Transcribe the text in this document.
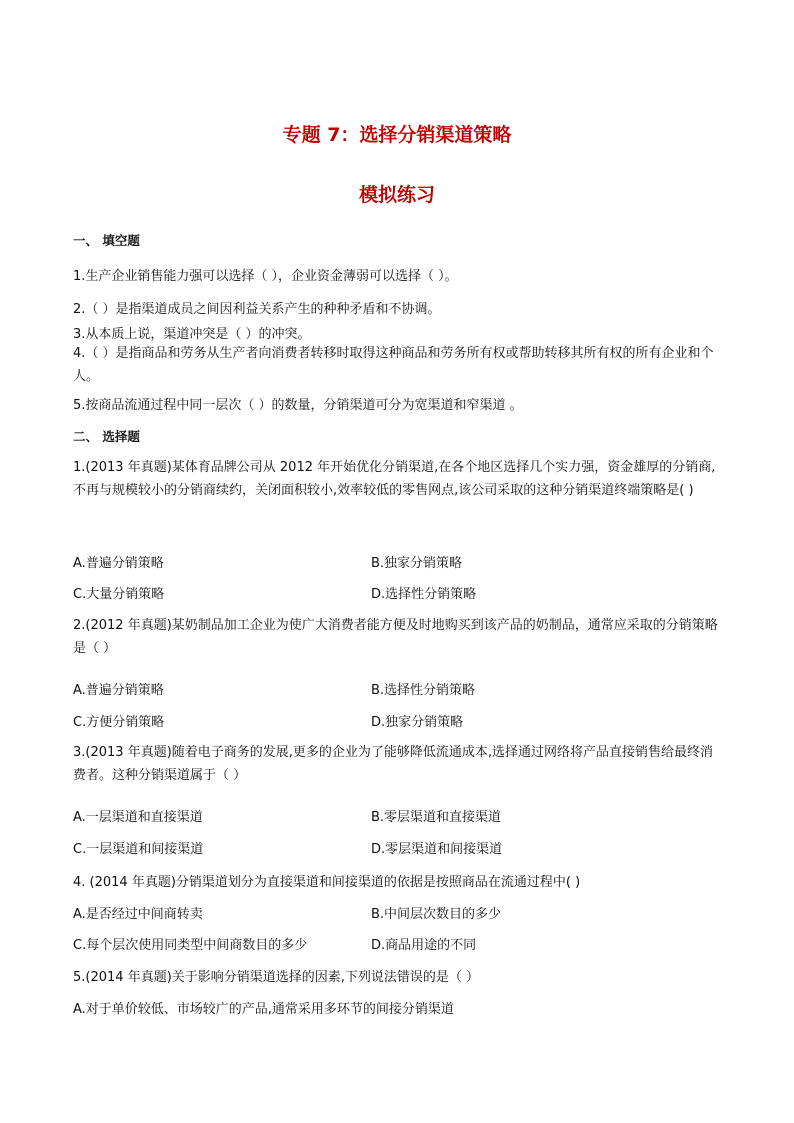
专题 7：选择分销渠道策略
模拟练习
一、 填空题
1.生产企业销售能力强可以选择（ ），企业资金薄弱可以选择（ ）。
2.（ ）是指渠道成员之间因利益关系产生的种种矛盾和不协调。
3.从本质上说，渠道冲突是（ ）的冲突。
4.（ ）是指商品和劳务从生产者向消费者转移时取得这种商品和劳务所有权或帮助转移其所有权的所有企业和个人。
5.按商品流通过程中同一层次（ ）的数量，分销渠道可分为宽渠道和窄渠道 。
二、 选择题
1.(2013 年真题)某体育品牌公司从 2012 年开始优化分销渠道,在各个地区选择几个实力强，资金雄厚的分销商,不再与规模较小的分销商续约，关闭面积较小,效率较低的零售网点,该公司采取的这种分销渠道终端策略是( )
A.普遍分销策略	B.独家分销策略
C.大量分销策略	D.选择性分销策略
2.(2012 年真题)某奶制品加工企业为使广大消费者能方便及时地购买到该产品的奶制品，通常应采取的分销策略是（ ）
A.普遍分销策略	B.选择性分销策略
C.方便分销策略	D.独家分销策略
3.(2013 年真题)随着电子商务的发展,更多的企业为了能够降低流通成本,选择通过网络将产品直接销售给最终消费者。这种分销渠道属于（ ）
A.一层渠道和直接渠道	B.零层渠道和直接渠道
C.一层渠道和间接渠道	D.零层渠道和间接渠道
4. (2014 年真题)分销渠道划分为直接渠道和间接渠道的依据是按照商品在流通过程中( )
A.是否经过中间商转卖	B.中间层次数目的多少
C.每个层次使用同类型中间商数目的多少	D.商品用途的不同
5.(2014 年真题)关于影响分销渠道选择的因素,下列说法错误的是（ ）
A.对于单价较低、市场较广的产品,通常采用多环节的间接分销渠道
